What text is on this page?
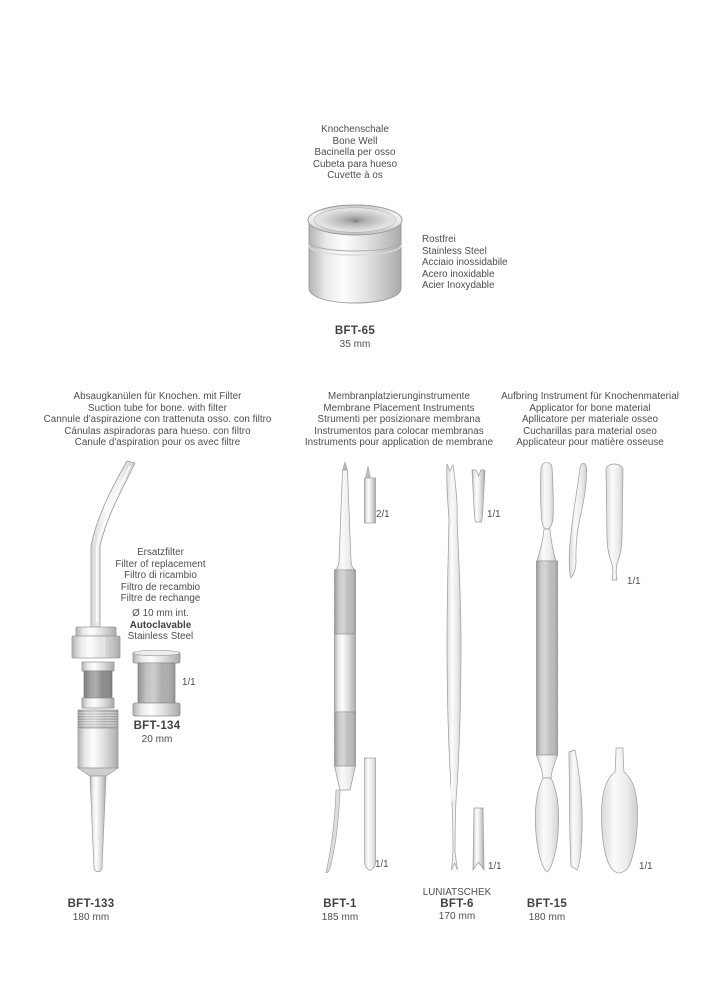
Knochenschale
Bone Well
Bacinella per osso
Cubeta para hueso
Cuvette à os
Rostfrei
Stainless Steel
Acciaio inossidabile
Acero inoxidable
Acier Inoxydable
BFT-65
35 mm
Absaugkanülen für Knochen. mit Filter
Suction tube for bone. with filter
Cannule d'aspirazione con trattenuta osso. con filtro
Cánulas aspiradoras para hueso. con filtro
Canule d'aspiration pour os avec filtre
Ersatzfilter
Filter of replacement
Filtro di ricambio
Filtro de recambio
Filtre de rechange
Ø 10 mm int.
Autoclavable
Stainless Steel
1/1
BFT-134
20 mm
BFT-133
180 mm
Membranplatzierunginstrumente
Membrane Placement Instruments
Strumenti per posizionare membrana
Instrumentos para colocar membranas
Instruments pour application de membrane
2/1
1/1
BFT-1
185 mm
1/1
1/1
LUNIATSCHEK
BFT-6
170 mm
Aufbring Instrument für Knochenmaterial
Applicator for bone material
Apllicatore per materiale osseo
Cucharillas para material oseo
Applicateur pour matière osseuse
1/1
1/1
BFT-15
180 mm
